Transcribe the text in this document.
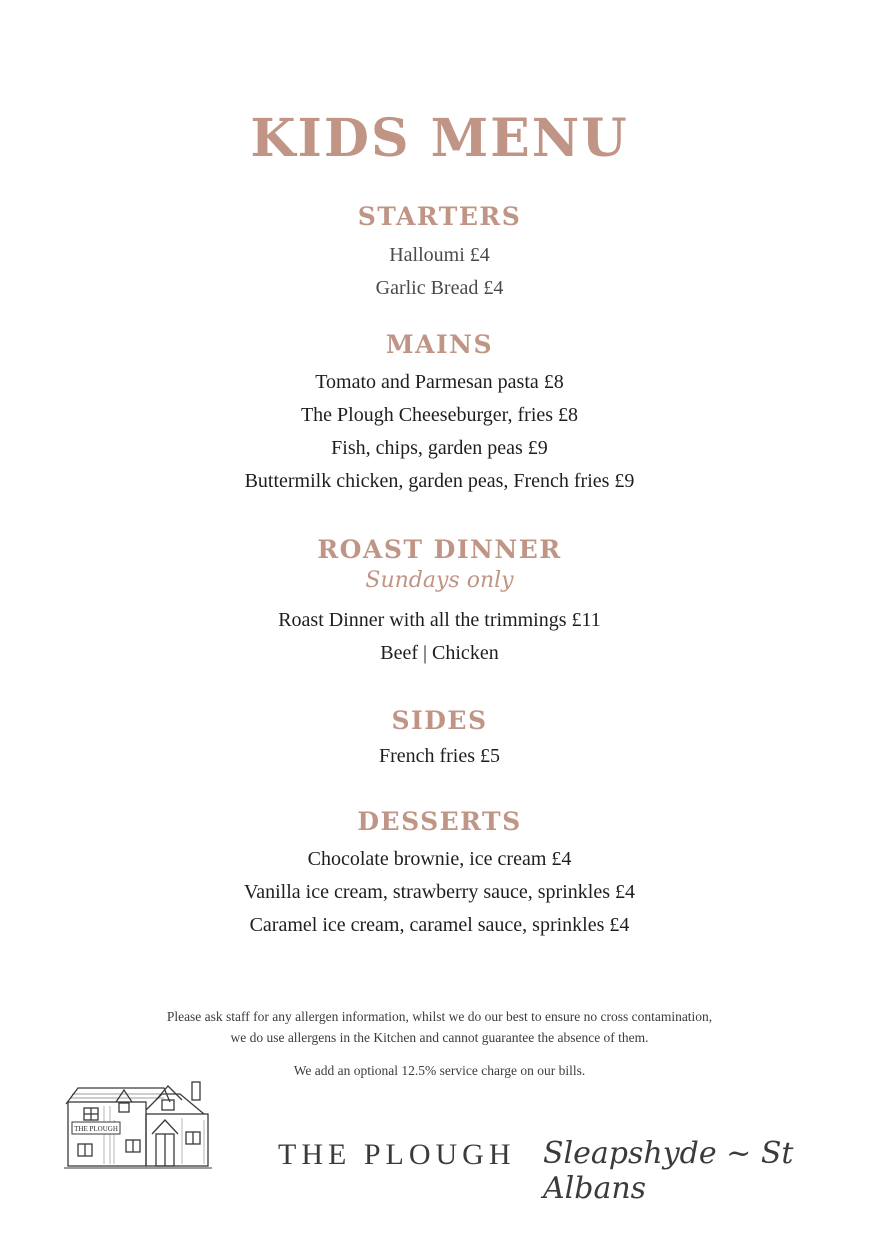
KIDS MENU
STARTERS
Halloumi £4
Garlic Bread £4
MAINS
Tomato and Parmesan pasta £8
The Plough Cheeseburger, fries £8
Fish, chips, garden peas £9
Buttermilk chicken, garden peas, French fries £9
ROAST DINNER
Sundays only
Roast Dinner with all the trimmings £11
Beef | Chicken
SIDES
French fries £5
DESSERTS
Chocolate brownie, ice cream £4
Vanilla ice cream, strawberry sauce, sprinkles £4
Caramel ice cream, caramel sauce, sprinkles £4
Please ask staff for any allergen information, whilst we do our best to ensure no cross contamination,
we do use allergens in the Kitchen and cannot guarantee the absence of them.
We add an optional 12.5% service charge on our bills.
THE PLOUGH
THE PLOUGH Sleapshyde ~ St Albans
